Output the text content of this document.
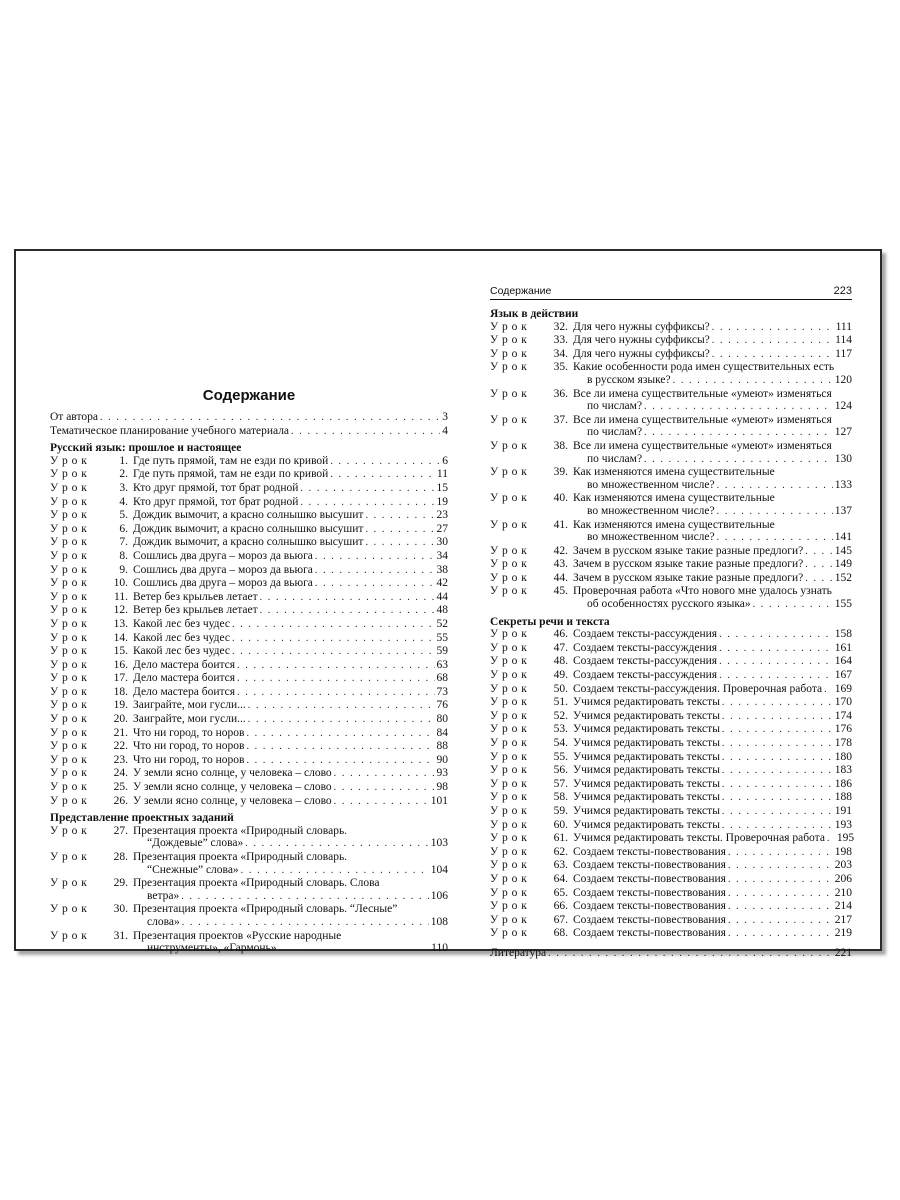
Содержание
От автора . . .	3
Тематическое планирование учебного материала . . .	4
Русский язык: прошлое и настоящее
У р о к	1. Где путь прямой, там не езди по кривой . . .	6
У р о к	2. Где путь прямой, там не езди по кривой . . .	11
У р о к	3. Кто друг прямой, тот брат родной . . .	15
У р о к	4. Кто друг прямой, тот брат родной . . .	19
У р о к	5. Дождик вымочит, а красно солнышко высушит . . .	23
У р о к	6. Дождик вымочит, а красно солнышко высушит . . .	27
У р о к	7. Дождик вымочит, а красно солнышко высушит . . .	30
У р о к	8. Сошлись два друга – мороз да вьюга . . .	34
У р о к	9. Сошлись два друга – мороз да вьюга . . .	38
У р о к	10. Сошлись два друга – мороз да вьюга . . .	42
У р о к	11. Ветер без крыльев летает . . .	44
У р о к	12. Ветер без крыльев летает . . .	48
У р о к	13. Какой лес без чудес . . .	52
У р о к	14. Какой лес без чудес . . .	55
У р о к	15. Какой лес без чудес . . .	59
У р о к	16. Дело мастера боится . . .	63
У р о к	17. Дело мастера боится . . .	68
У р о к	18. Дело мастера боится . . .	73
У р о к	19. Заиграйте, мои гусли... . . .	76
У р о к	20. Заиграйте, мои гусли... . . .	80
У р о к	21. Что ни город, то норов . . .	84
У р о к	22. Что ни город, то норов . . .	88
У р о к	23. Что ни город, то норов . . .	90
У р о к	24. У земли ясно солнце, у человека – слово . . .	93
У р о к	25. У земли ясно солнце, у человека – слово . . .	98
У р о к	26. У земли ясно солнце, у человека – слово . . .	101
Представление проектных заданий
У р о к	27. Презентация проекта «Природный словарь.
“Дождевые” слова» . . .	103
У р о к	28. Презентация проекта «Природный словарь.
“Снежные” слова» . . .	104
У р о к	29. Презентация проекта «Природный словарь. Слова
ветра» . . .	106
У р о к	30. Презентация проекта «Природный словарь. “Лесные”
слова» . . .	108
У р о к	31. Презентация проектов «Русские народные
инструменты», «Гармонь» . . .	110
Содержание	223
Язык в действии
У р о к	32. Для чего нужны суффиксы? . . .	111
У р о к	33. Для чего нужны суффиксы? . . .	114
У р о к	34. Для чего нужны суффиксы? . . .	117
У р о к	35. Какие особенности рода имен существительных есть
в русском языке? . . .	120
У р о к	36. Все ли имена существительные «умеют» изменяться
по числам? . . .	124
У р о к	37. Все ли имена существительные «умеют» изменяться
по числам? . . .	127
У р о к	38. Все ли имена существительные «умеют» изменяться
по числам? . . .	130
У р о к	39. Как изменяются имена существительные
во множественном числе? . . .	133
У р о к	40. Как изменяются имена существительные
во множественном числе? . . .	137
У р о к	41. Как изменяются имена существительные
во множественном числе? . . .	141
У р о к	42. Зачем в русском языке такие разные предлоги? . . .	145
У р о к	43. Зачем в русском языке такие разные предлоги? . . .	149
У р о к	44. Зачем в русском языке такие разные предлоги? . . .	152
У р о к	45. Проверочная работа «Что нового мне удалось узнать
об особенностях русского языка» . . .	155
Секреты речи и текста
У р о к	46. Создаем тексты-рассуждения . . .	158
У р о к	47. Создаем тексты-рассуждения . . .	161
У р о к	48. Создаем тексты-рассуждения . . .	164
У р о к	49. Создаем тексты-рассуждения . . .	167
У р о к	50. Создаем тексты-рассуждения. Проверочная работа . . . 169
У р о к	51. Учимся редактировать тексты . . .	170
У р о к	52. Учимся редактировать тексты . . .	174
У р о к	53. Учимся редактировать тексты . . .	176
У р о к	54. Учимся редактировать тексты . . .	178
У р о к	55. Учимся редактировать тексты . . .	180
У р о к	56. Учимся редактировать тексты . . .	183
У р о к	57. Учимся редактировать тексты . . .	186
У р о к	58. Учимся редактировать тексты . . .	188
У р о к	59. Учимся редактировать тексты . . .	191
У р о к	60. Учимся редактировать тексты . . .	193
У р о к	61. Учимся редактировать тексты. Проверочная работа . . . 195
У р о к	62. Создаем тексты-повествования . . .	198
У р о к	63. Создаем тексты-повествования . . .	203
У р о к	64. Создаем тексты-повествования . . .	206
У р о к	65. Создаем тексты-повествования . . .	210
У р о к	66. Создаем тексты-повествования . . .	214
У р о к	67. Создаем тексты-повествования . . .	217
У р о к	68. Создаем тексты-повествования . . .	219
Литература . . .	221
